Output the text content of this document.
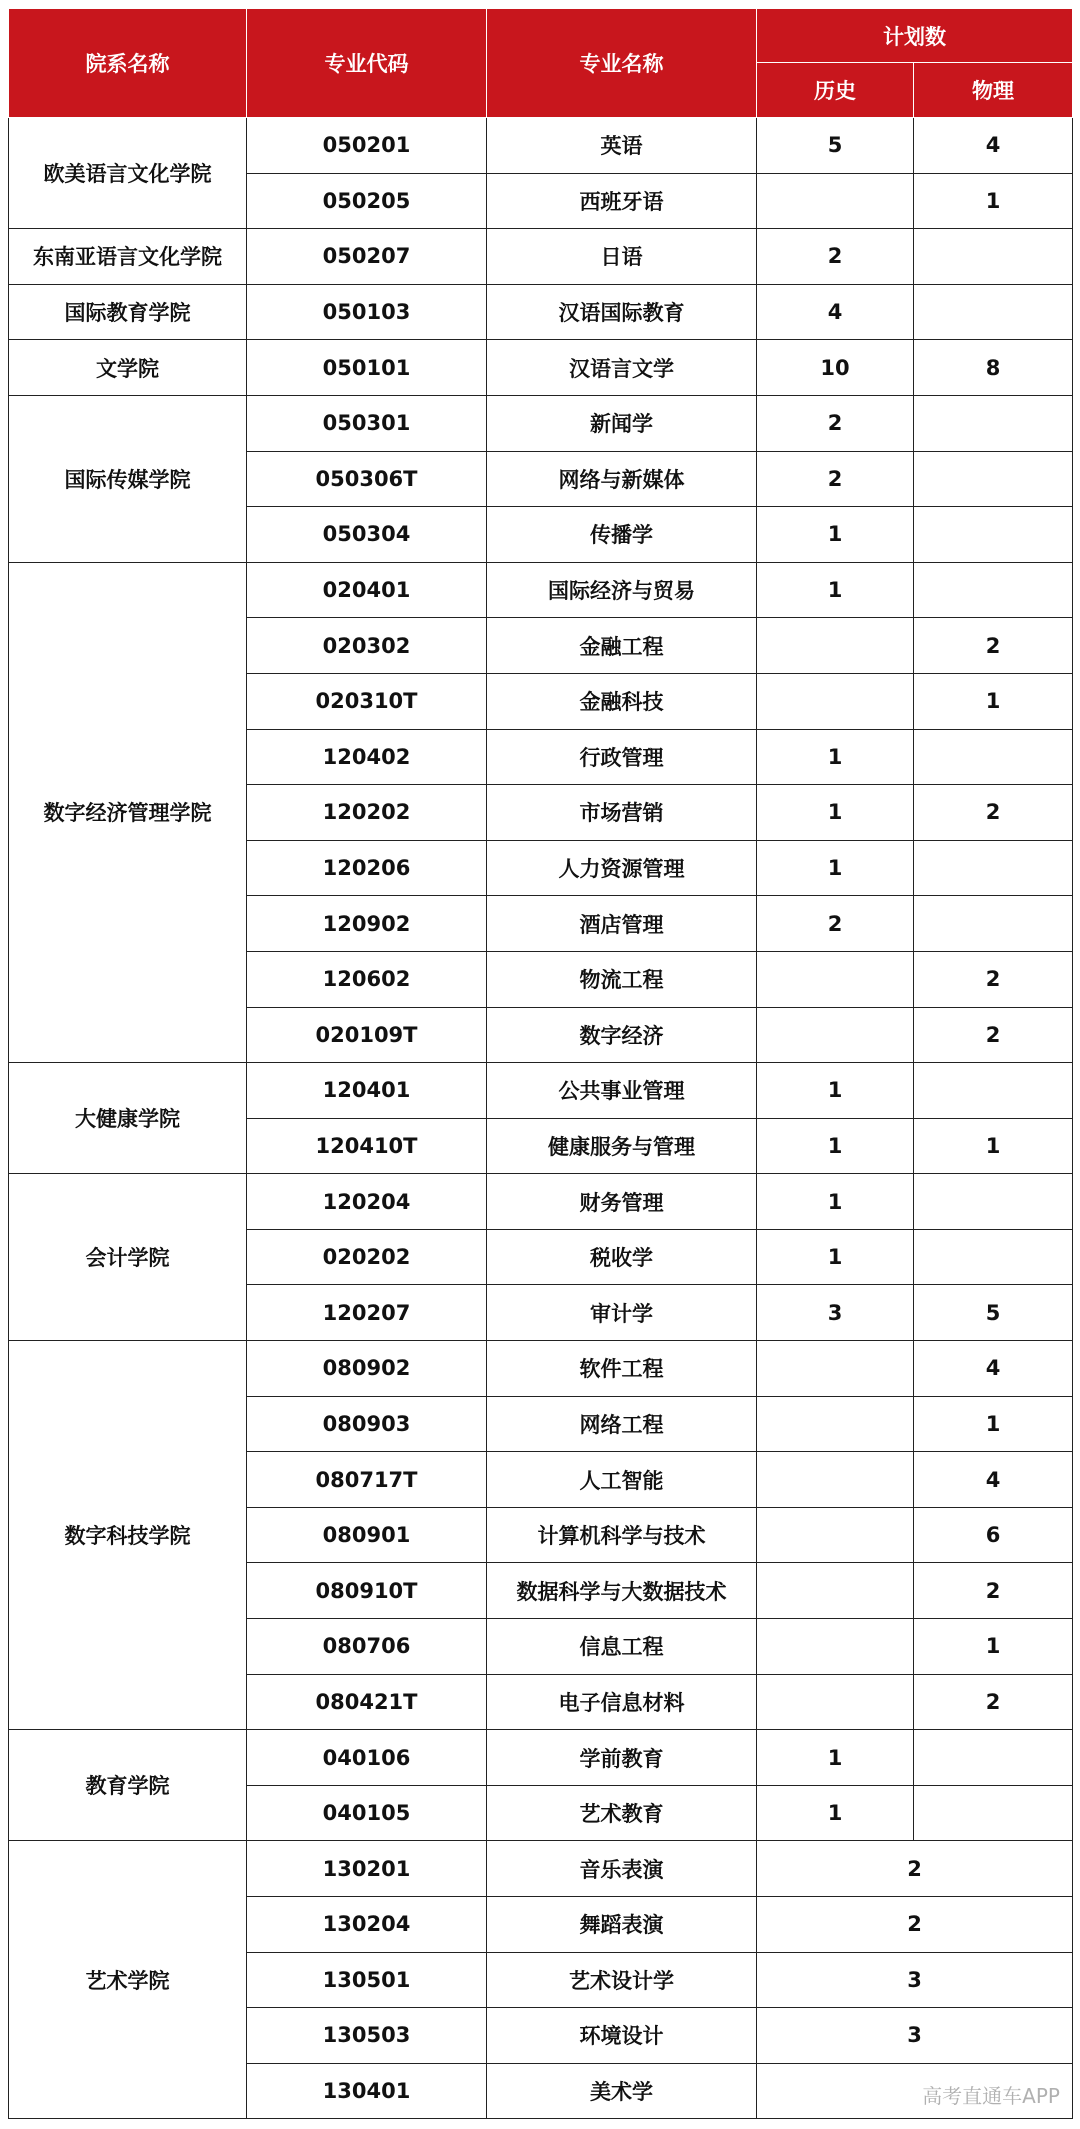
院系名称	专业代码	专业名称	计划数	
			历史	物理
欧美语言文化学院	050201	英语	5	4
	050205	西班牙语		1
东南亚语言文化学院	050207	日语	2	
国际教育学院	050103	汉语国际教育	4	
文学院	050101	汉语言文学	10	8
国际传媒学院	050301	新闻学	2	
	050306T	网络与新媒体	2	
	050304	传播学	1	
数字经济管理学院	020401	国际经济与贸易	1	
	020302	金融工程		2
	020310T	金融科技		1
	120402	行政管理	1	
	120202	市场营销	1	2
	120206	人力资源管理	1	
	120902	酒店管理	2	
	120602	物流工程		2
	020109T	数字经济		2
大健康学院	120401	公共事业管理	1	
	120410T	健康服务与管理	1	1
会计学院	120204	财务管理	1	
	020202	税收学	1	
	120207	审计学	3	5
数字科技学院	080902	软件工程		4
	080903	网络工程		1
	080717T	人工智能		4
	080901	计算机科学与技术		6
	080910T	数据科学与大数据技术		2
	080706	信息工程		1
	080421T	电子信息材料		2
教育学院	040106	学前教育	1	
	040105	艺术教育	1	
艺术学院	130201	音乐表演	2	
	130204	舞蹈表演	2	
	130501	艺术设计学	3	
	130503	环境设计	3	
	130401	美术学			高考直通车APP
